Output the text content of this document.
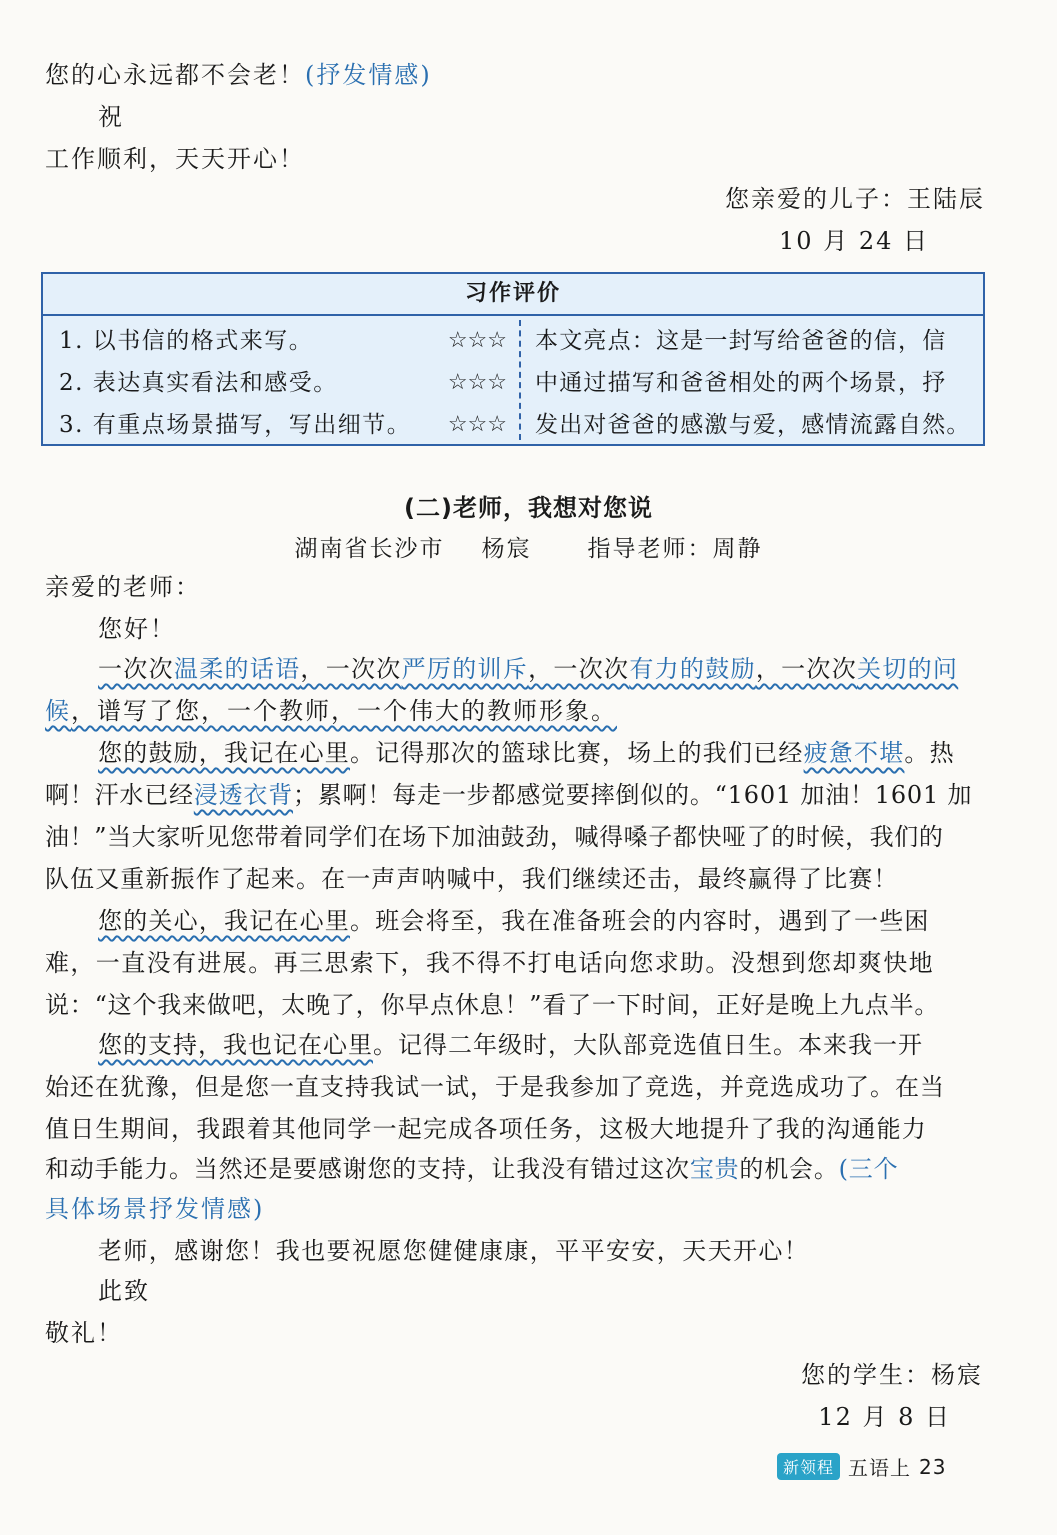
您的心永远都不会老！(抒发情感)
祝
工作顺利，天天开心！
您亲爱的儿子：王陆辰
10 月 24 日
习作评价
1. 以书信的格式来写。	☆☆☆
2. 表达真实看法和感受。	☆☆☆
3. 有重点场景描写，写出细节。 ☆☆☆
本文亮点：这是一封写给爸爸的信，信
中通过描写和爸爸相处的两个场景，抒
发出对爸爸的感激与爱，感情流露自然。
(二)老师，我想对您说
湖南省长沙市    杨宸      指导老师：周静
亲爱的老师：
您好！
一次次温柔的话语，一次次严厉的训斥，一次次有力的鼓励，一次次关切的问
候，谱写了您，一个教师，一个伟大的教师形象。
您的鼓励，我记在心里。记得那次的篮球比赛，场上的我们已经疲惫不堪。热
啊！汗水已经浸透衣背；累啊！每走一步都感觉要摔倒似的。“1601 加油！1601 加
油！”当大家听见您带着同学们在场下加油鼓劲，喊得嗓子都快哑了的时候，我们的
队伍又重新振作了起来。在一声声呐喊中，我们继续还击，最终赢得了比赛！
您的关心，我记在心里。班会将至，我在准备班会的内容时，遇到了一些困
难，一直没有进展。再三思索下，我不得不打电话向您求助。没想到您却爽快地
说：“这个我来做吧，太晚了，你早点休息！”看了一下时间，正好是晚上九点半。
您的支持，我也记在心里。记得二年级时，大队部竞选值日生。本来我一开
始还在犹豫，但是您一直支持我试一试，于是我参加了竞选，并竞选成功了。在当
值日生期间，我跟着其他同学一起完成各项任务，这极大地提升了我的沟通能力
和动手能力。当然还是要感谢您的支持，让我没有错过这次宝贵的机会。(三个
具体场景抒发情感)
老师，感谢您！我也要祝愿您健健康康，平平安安，天天开心！
此致
敬礼！
您的学生：杨宸
12 月 8 日
新领程 五语上 23
